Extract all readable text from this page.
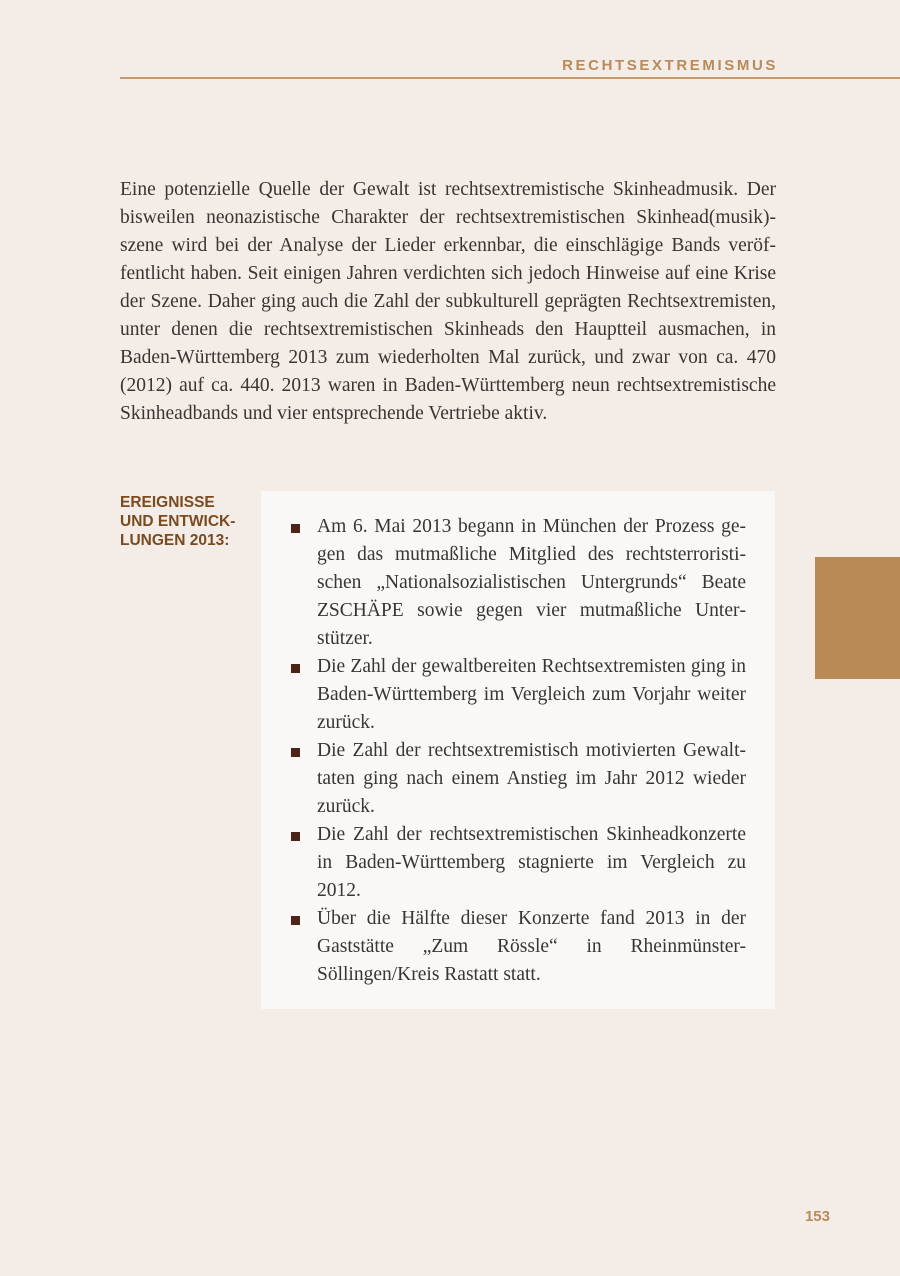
RECHTSEXTREMISMUS

Eine potenzielle Quelle der Gewalt ist rechtsextremistische Skinheadmusik. Der bisweilen neonazistische Charakter der rechtsextremistischen Skinhead(musik)szene wird bei der Analyse der Lieder erkennbar, die einschlägige Bands veröffentlicht haben. Seit einigen Jahren verdichten sich jedoch Hinweise auf eine Krise der Szene. Daher ging auch die Zahl der subkulturell geprägten Rechtsextremisten, unter denen die rechtsextremistischen Skinheads den Hauptteil ausmachen, in Baden-Württemberg 2013 zum wiederholten Mal zurück, und zwar von ca. 470 (2012) auf ca. 440. 2013 waren in Baden-Württemberg neun rechtsextremistische Skinheadbands und vier entsprechende Vertriebe aktiv.

EREIGNISSE
UND ENTWICK-
LUNGEN 2013:
Am 6. Mai 2013 begann in München der Prozess gegen das mutmaßliche Mitglied des rechtsterroristischen „Nationalsozialistischen Untergrunds“ Beate ZSCHÄPE sowie gegen vier mutmaßliche Unterstützer.
Die Zahl der gewaltbereiten Rechtsextremisten ging in Baden-Württemberg im Vergleich zum Vorjahr weiter zurück.
Die Zahl der rechtsextremistisch motivierten Gewalttaten ging nach einem Anstieg im Jahr 2012 wieder zurück.
Die Zahl der rechtsextremistischen Skinheadkonzerte in Baden-Württemberg stagnierte im Vergleich zu 2012.
Über die Hälfte dieser Konzerte fand 2013 in der Gaststätte „Zum Rössle“ in Rheinmünster-Söllingen/Kreis Rastatt statt.
153
